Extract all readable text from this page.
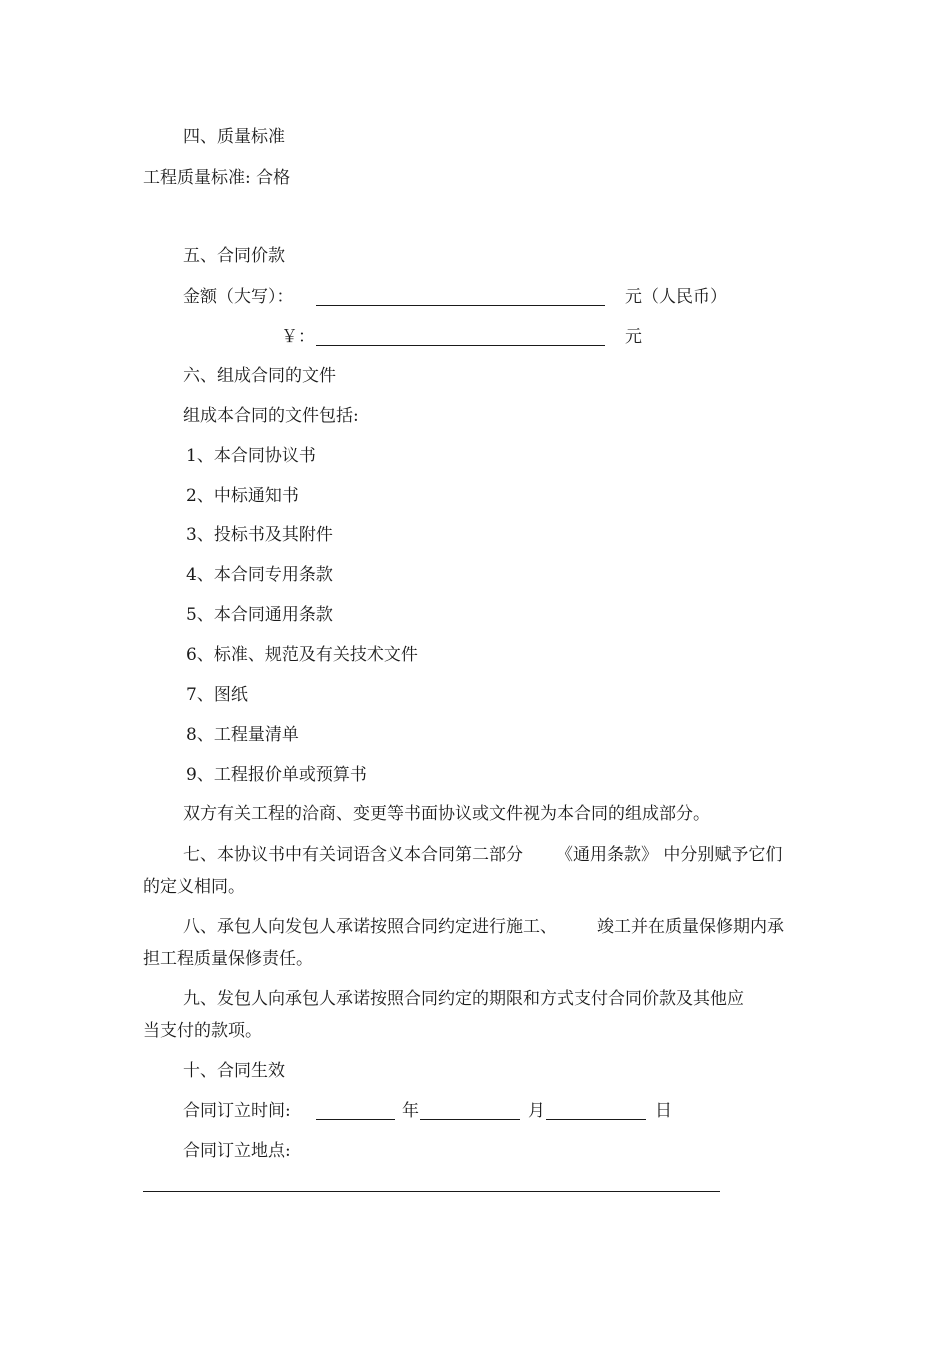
四、质量标准
工程质量标准: 合格
五、合同价款
金额（大写）：	元（人民币）
￥：	元
六、组成合同的文件
组成本合同的文件包括:
1、本合同协议书
2、中标通知书
3、投标书及其附件
4、本合同专用条款
5、本合同通用条款
6、标准、规范及有关技术文件
7、图纸
8、工程量清单
9、工程报价单或预算书
双方有关工程的洽商、变更等书面协议或文件视为本合同的组成部分。
七、本协议书中有关词语含义本合同第二部分 《通用条款》 中分别赋予它们
的定义相同。
八、承包人向发包人承诺按照合同约定进行施工、 竣工并在质量保修期内承
担工程质量保修责任。
九、发包人向承包人承诺按照合同约定的期限和方式支付合同价款及其他应
当支付的款项。
十、合同生效
合同订立时间:	年	月	日
合同订立地点:
